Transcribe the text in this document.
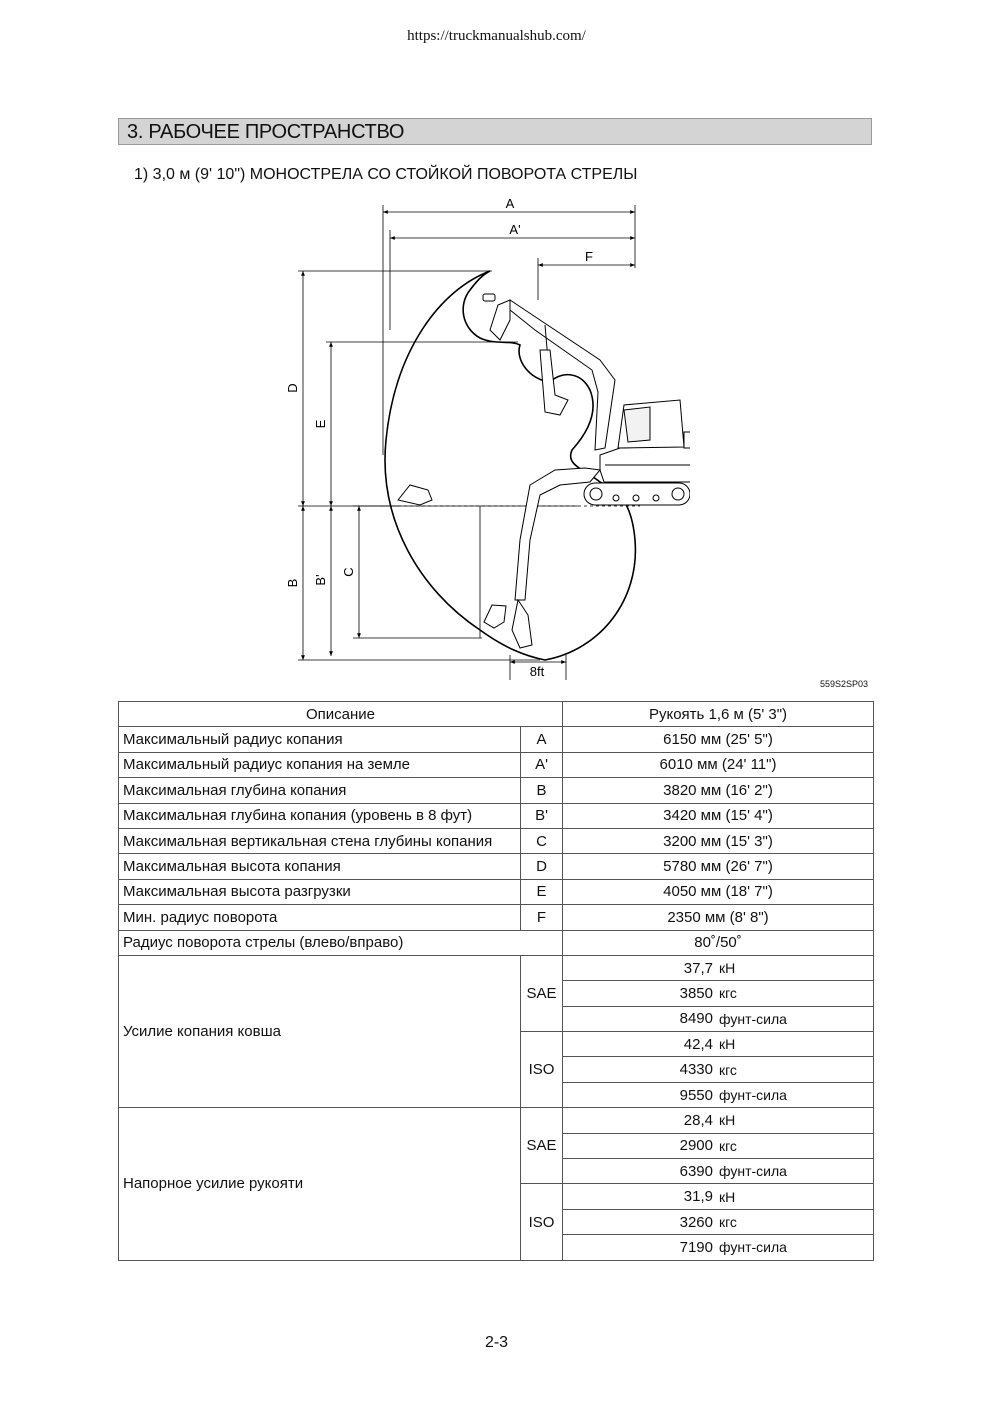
https://truckmanualshub.com/
3. РАБОЧЕЕ ПРОСТРАНСТВО
1) 3,0 м (9' 10") МОНОСТРЕЛА СО СТОЙКОЙ ПОВОРОТА СТРЕЛЫ
A
A'
F
D
E
B B'
C
8ft
559S2SP03
Описание		Рукоять 1,6 м (5' 3")
Максимальный радиус копания	A	6150 мм (25' 5")
Максимальный радиус копания на земле	A'	6010 мм (24' 11")
Максимальная глубина копания	B	3820 мм (16' 2")
Максимальная глубина копания (уровень в 8 фут)	B'	3420 мм (15' 4")
Максимальная вертикальная стена глубины копания	C	3200 мм (15' 3")
Максимальная высота копания	D	5780 мм (26' 7")
Максимальная высота разгрузки	E	4050 мм (18' 7")
Мин. радиус поворота	F	2350 мм (8' 8")
Радиус поворота стрелы (влево/вправо)		80˚/50˚
Усилие копания ковша	SAE	37,7 кН

		3850 кгс

		8490 фунт-сила

	ISO	42,4 кН

		4330 кгс

		9550 фунт-сила

Напорное усилие рукояти	SAE	28,4 кН

		2900 кгс

		6390 фунт-сила

	ISO	31,9 кН

		3260 кгс

		7190 фунт-сила
2-3
